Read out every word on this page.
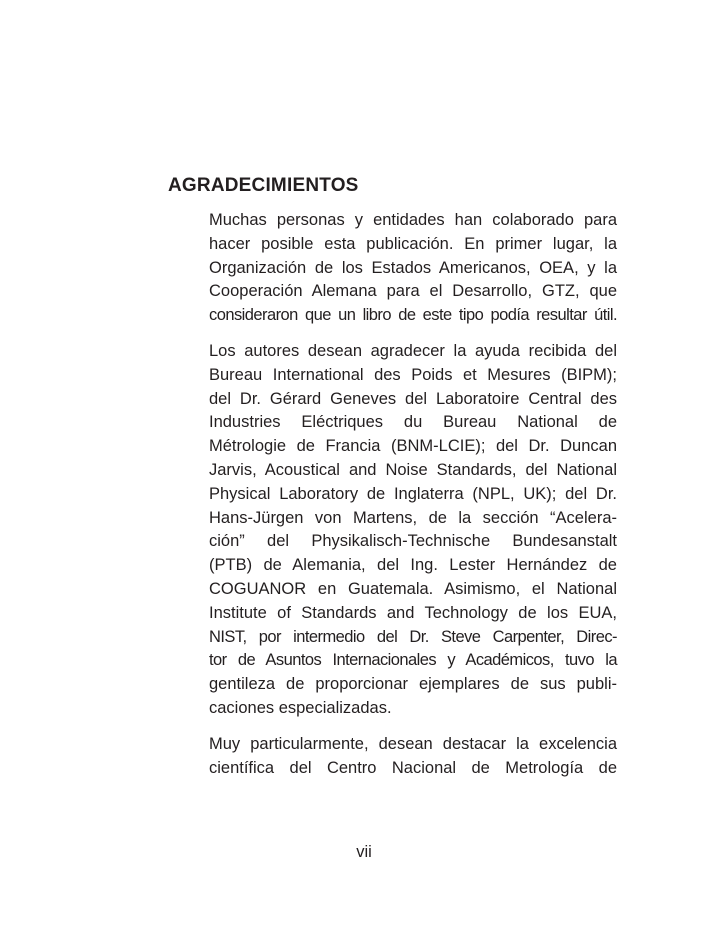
AGRADECIMIENTOS

Muchas personas y entidades han colaborado para
hacer posible esta publicación. En primer lugar, la
Organización de los Estados Americanos, OEA, y la
Cooperación Alemana para el Desarrollo, GTZ, que
consideraron que un libro de este tipo podía resultar útil.

Los autores desean agradecer la ayuda recibida del
Bureau International des Poids et Mesures (BIPM);
del Dr. Gérard Geneves del Laboratoire Central des
Industries Eléctriques du Bureau National de
Métrologie de Francia (BNM-LCIE); del Dr. Duncan
Jarvis, Acoustical and Noise Standards, del National
Physical Laboratory de Inglaterra (NPL, UK); del Dr.
Hans-Jürgen von Martens, de la sección “Acelera-
ción” del Physikalisch-Technische Bundesanstalt
(PTB) de Alemania, del Ing. Lester Hernández de
COGUANOR en Guatemala. Asimismo, el National
Institute of Standards and Technology de los EUA,
NIST, por intermedio del Dr. Steve Carpenter, Direc-
tor de Asuntos Internacionales y Académicos, tuvo la
gentileza de proporcionar ejemplares de sus publi-
caciones especializadas.

Muy particularmente, desean destacar la excelencia
científica del Centro Nacional de Metrología de

vii
